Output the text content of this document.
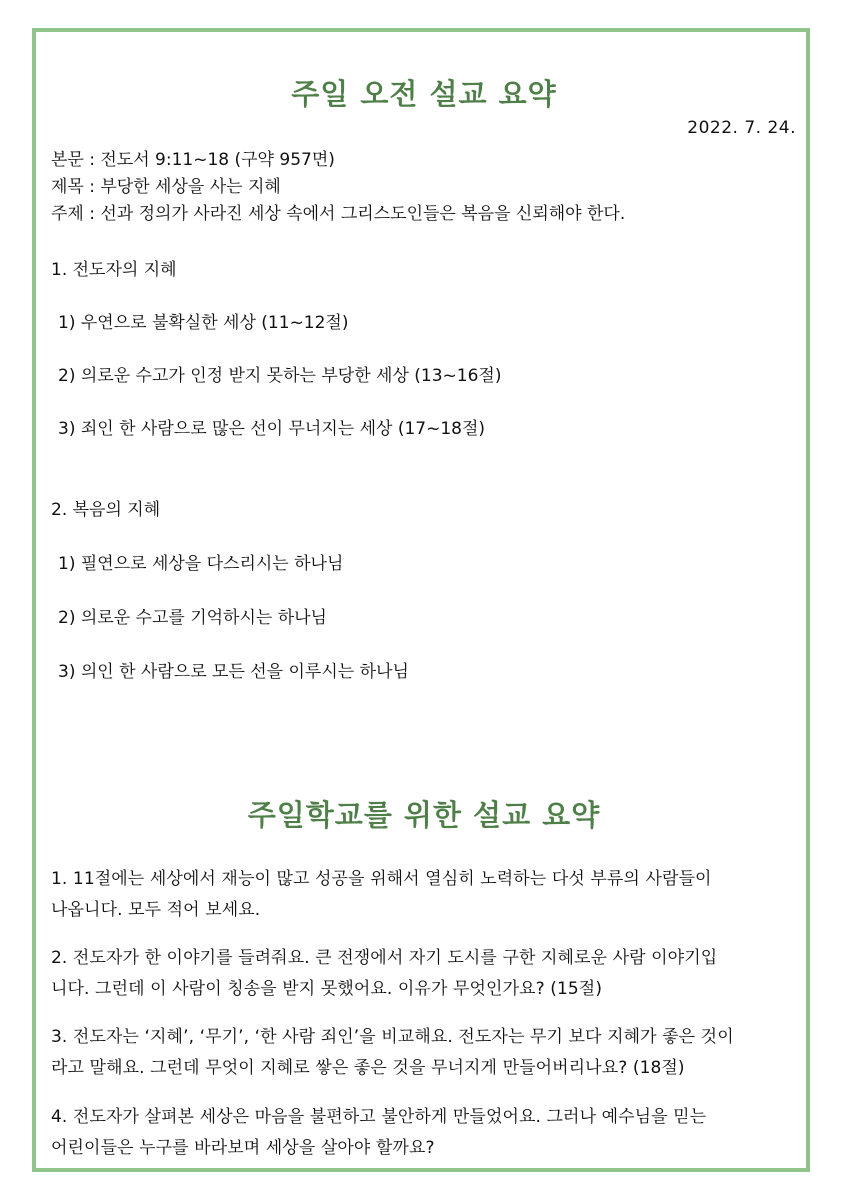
주일 오전 설교 요약
2022. 7. 24.
본문 : 전도서 9:11~18 (구약 957면)
제목 : 부당한 세상을 사는 지혜
주제 : 선과 정의가 사라진 세상 속에서 그리스도인들은 복음을 신뢰해야 한다.
1. 전도자의 지혜
1) 우연으로 불확실한 세상 (11~12절)
2) 의로운 수고가 인정 받지 못하는 부당한 세상 (13~16절)
3) 죄인 한 사람으로 많은 선이 무너지는 세상 (17~18절)
2. 복음의 지혜
1) 필연으로 세상을 다스리시는 하나님
2) 의로운 수고를 기억하시는 하나님
3) 의인 한 사람으로 모든 선을 이루시는 하나님
주일학교를 위한 설교 요약
1. 11절에는 세상에서 재능이 많고 성공을 위해서 열심히 노력하는 다섯 부류의 사람들이
나옵니다. 모두 적어 보세요.
2. 전도자가 한 이야기를 들려줘요. 큰 전쟁에서 자기 도시를 구한 지혜로운 사람 이야기입
니다. 그런데 이 사람이 칭송을 받지 못했어요. 이유가 무엇인가요? (15절)
3. 전도자는 ‘지혜’, ‘무기’, ‘한 사람 죄인’을 비교해요. 전도자는 무기 보다 지혜가 좋은 것이
라고 말해요. 그런데 무엇이 지혜로 쌓은 좋은 것을 무너지게 만들어버리나요? (18절)
4. 전도자가 살펴본 세상은 마음을 불편하고 불안하게 만들었어요. 그러나 예수님을 믿는
어린이들은 누구를 바라보며 세상을 살아야 할까요?
